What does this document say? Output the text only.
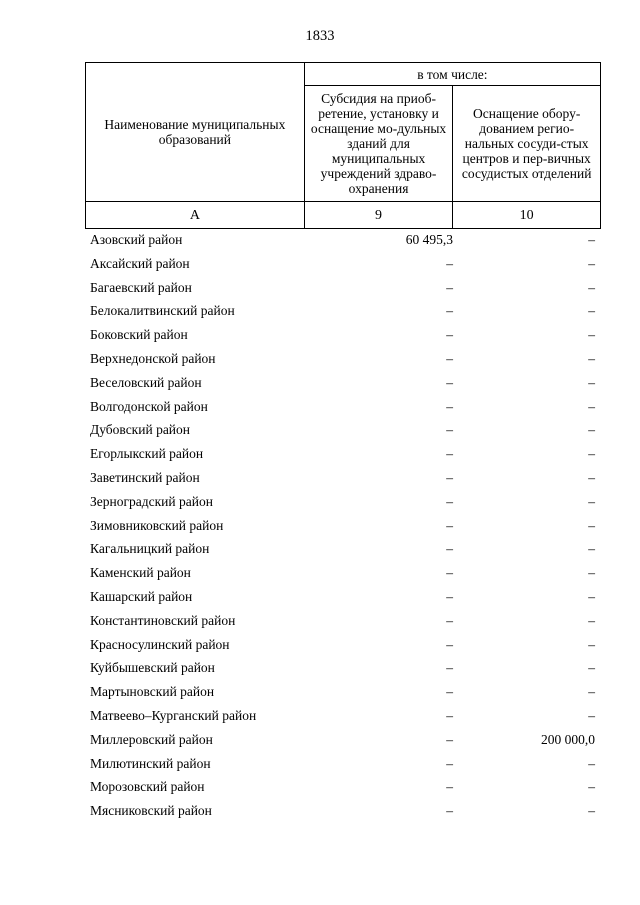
1833
Наименование муниципальных образований	в том числе:	
	Субсидия на приоб-ретение, установку и оснащение мо-дульных зданий для муниципальных учреждений здраво-охранения	Оснащение обору-дованием регио-нальных сосуди-стых центров и пер-вичных сосудистых отделений
А	9	10
Азовский район	60 495,3	–
Аксайский район	–	–
Багаевский район	–	–
Белокалитвинский район	–	–
Боковский район	–	–
Верхнедонской район	–	–
Веселовский район	–	–
Волгодонской район	–	–
Дубовский район	–	–
Егорлыкский район	–	–
Заветинский район	–	–
Зерноградский район	–	–
Зимовниковский район	–	–
Кагальницкий район	–	–
Каменский район	–	–
Кашарский район	–	–
Константиновский район	–	–
Красносулинский район	–	–
Куйбышевский район	–	–
Мартыновский район	–	–
Матвеево–Курганский район	–	–
Миллеровский район	–	200 000,0
Милютинский район	–	–
Морозовский район	–	–
Мясниковский район	–	–
